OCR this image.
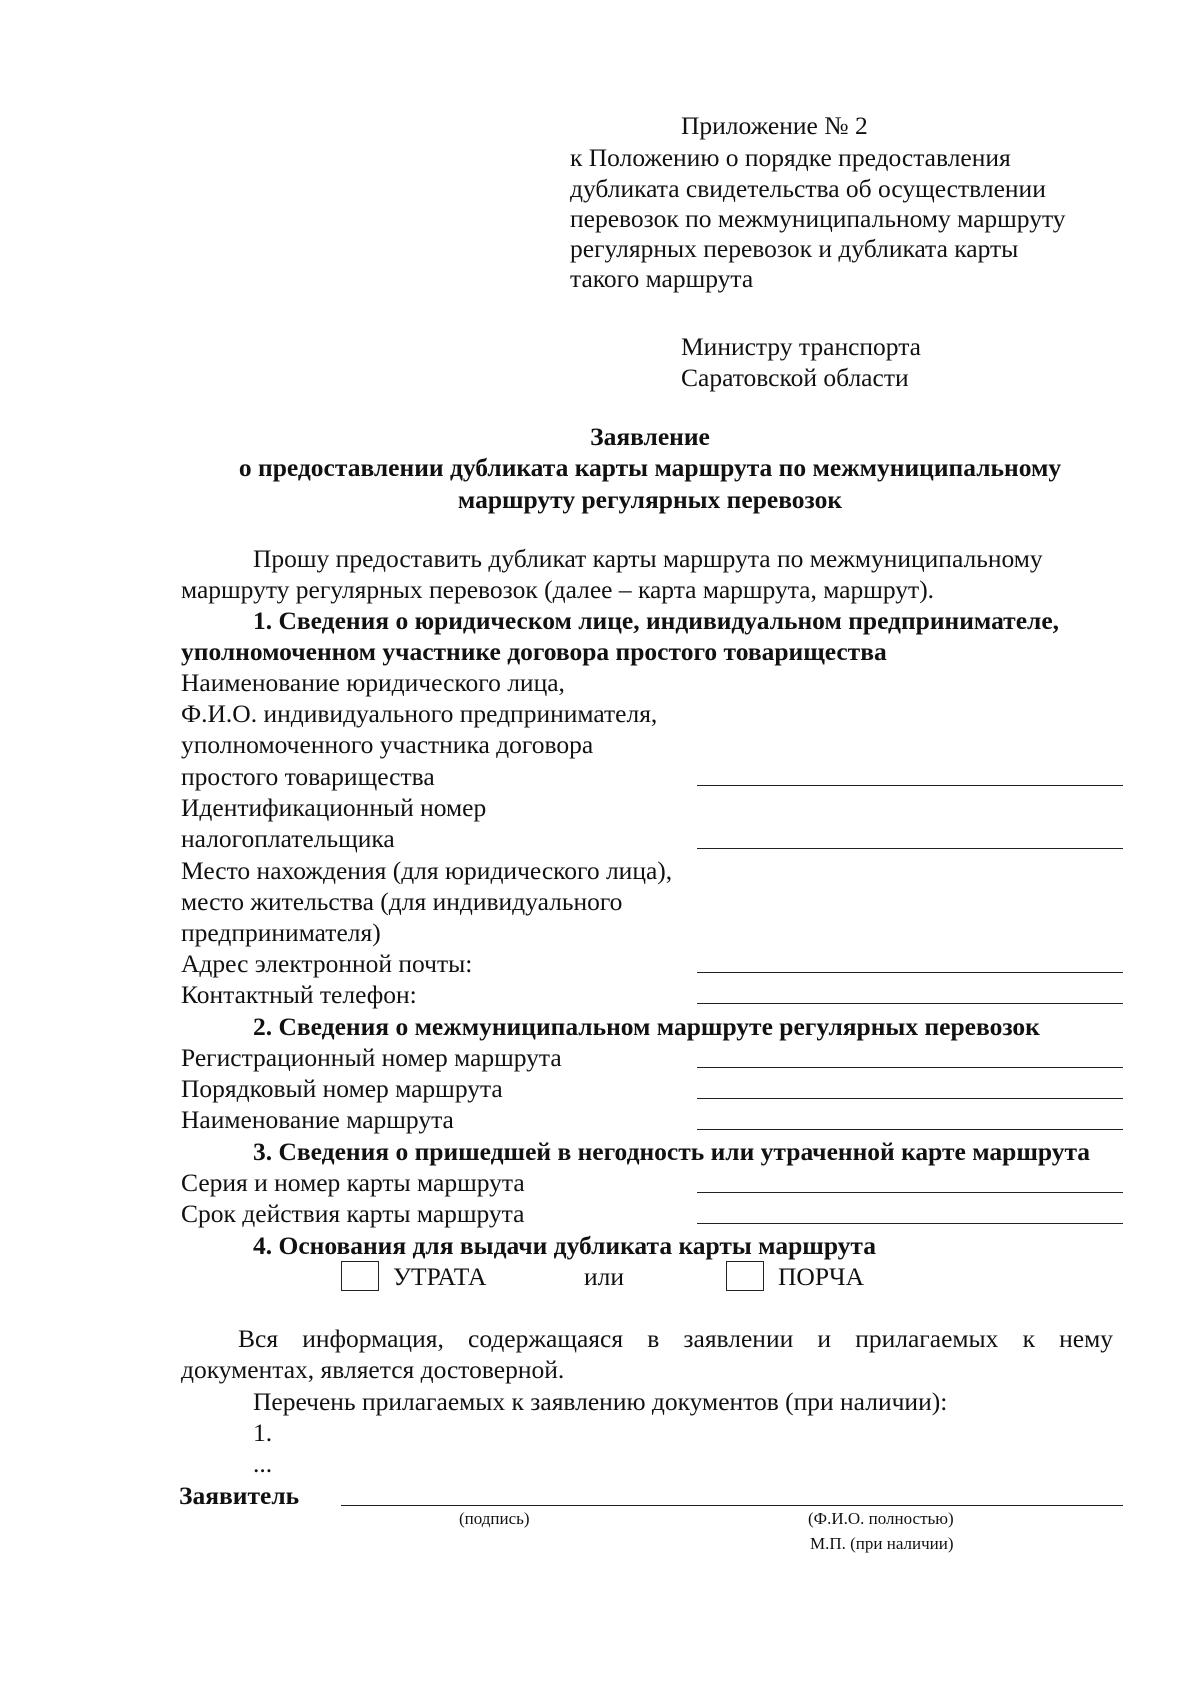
Приложение № 2
к Положению о порядке предоставления
дубликата свидетельства об осуществлении
перевозок по межмуниципальному маршруту
регулярных перевозок и дубликата карты
такого маршрута
Министру транспорта
Саратовской области
Заявление
о предоставлении дубликата карты маршрута по межмуниципальному
маршруту регулярных перевозок
Прошу предоставить дубликат карты маршрута по межмуниципальному
маршруту регулярных перевозок (далее – карта маршрута, маршрут).
1. Сведения о юридическом лице, индивидуальном предпринимателе,
уполномоченном участнике договора простого товарищества
Наименование юридического лица,
Ф.И.О. индивидуального предпринимателя,
уполномоченного участника договора
простого товарищества
Идентификационный номер
налогоплательщика
Место нахождения (для юридического лица),
место жительства (для индивидуального
предпринимателя)
Адрес электронной почты:
Контактный телефон:
2. Сведения о межмуниципальном маршруте регулярных перевозок
Регистрационный номер маршрута
Порядковый номер маршрута
Наименование маршрута
3. Сведения о пришедшей в негодность или утраченной карте маршрута
Серия и номер карты маршрута
Срок действия карты маршрута
4. Основания для выдачи дубликата карты маршрута
УТРАТА	или	ПОРЧА
Вся информация, содержащаяся в заявлении и прилагаемых к нему
документах, является достоверной.
Перечень прилагаемых к заявлению документов (при наличии):
1.
...
Заявитель
(подпись)	(Ф.И.О. полностью)
М.П. (при наличии)
